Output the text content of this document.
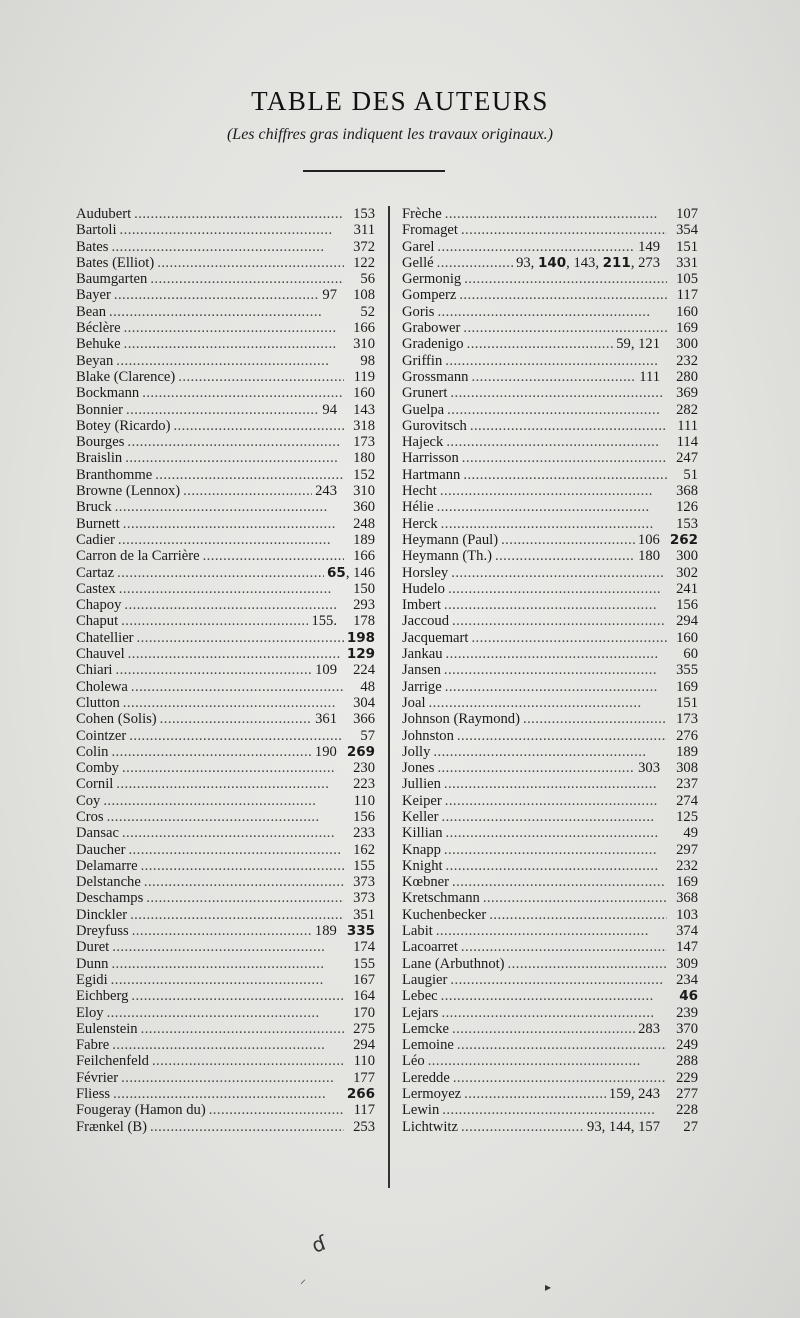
TABLE DES AUTEURS
(Les chiffres gras indiquent les travaux originaux.)
Audubert . . .	153
Bartoli . . .	311
Bates . . .	372
Bates (Elliot) . . .	122
Baumgarten . . .	56
Bayer . . .	97	108
Bean . . .	52
Béclère . . .	166
Behuke . . .	310
Beyan . . .	98
Blake (Clarence) . . .	119
Bockmann . . .	160
Bonnier . . .	94	143
Botey (Ricardo) . . .	318
Bourges . . .	173
Braislin . . .	180
Branthomme . . .	152
Browne (Lennox) . . .	243	310
Bruck . . .	360
Burnett . . .	248
Cadier . . .	189
Carron de la Carrière . . .	166
Cartaz . . .	65, 146
Castex . . .	150
Chapoy . . .	293
Chaput . . .	155.	178
Chatellier . . .	198
Chauvel . . .	129
Chiari . . .	109	224
Cholewa . . .	48
Clutton . . .	304
Cohen (Solis) . . .	361	366
Cointzer . . .	57
Colin . . .	190 269
Comby . . .	230
Cornil . . .	223
Coy . . .	110
Cros . . .	156
Dansac . . .	233
Daucher . . .	162
Delamarre . . .	155
Delstanche . . .	373
Deschamps . . .	373
Dinckler . . .	351
Dreyfuss . . .	189 335
Duret . . .	174
Dunn . . .	155
Egidi . . .	167
Eichberg . . .	164
Eloy . . .	170
Eulenstein . . .	275
Fabre . . .	294
Feilchenfeld . . .	110
Février . . .	177
Fliess . . .	266
Fougeray (Hamon du) . . .	117
Frænkel (B) . . .	253
Frèche . . .	107
Fromaget . . .	354
Garel . . .	149	151
Gellé . . .	93, 140, 143, 211, 273	331
Germonig . . .	105
Gomperz . . .	117
Goris . . .	160
Grabower . . .	169
Gradenigo . . .	59, 121	300
Griffin . . .	232
Grossmann . . .	111	280
Grunert . . .	369
Guelpa . . .	282
Gurovitsch . . .	111
Hajeck . . .	114
Harrisson . . .	247
Hartmann . . .	51
Hecht . . .	368
Hélie . . .	126
Herck . . .	153
Heymann (Paul) . . .	106 262
Heymann (Th.) . . .	180	300
Horsley . . .	302
Hudelo . . .	241
Imbert . . .	156
Jaccoud . . .	294
Jacquemart . . .	160
Jankau . . .	60
Jansen . . .	355
Jarrige . . .	169
Joal . . .	151
Johnson (Raymond) . . .	173
Johnston . . .	276
Jolly . . .	189
Jones . . .	303	308
Jullien . . .	237
Keiper . . .	274
Keller . . .	125
Killian . . .	49
Knapp . . .	297
Knight . . .	232
Kœbner . . .	169
Kretschmann . . .	368
Kuchenbecker . . .	103
Labit . . .	374
Lacoarret . . .	147
Lane (Arbuthnot) . . .	309
Laugier . . .	234
Lebec . . .	46
Lejars . . .	239
Lemcke . . .	283	370
Lemoine . . .	249
Léo . . .	288
Leredde . . .	229
Lermoyez . . .	159, 243	277
Lewin . . .	228
Lichtwitz . . .	93, 144, 157	27
ɗ
⸝
▸
